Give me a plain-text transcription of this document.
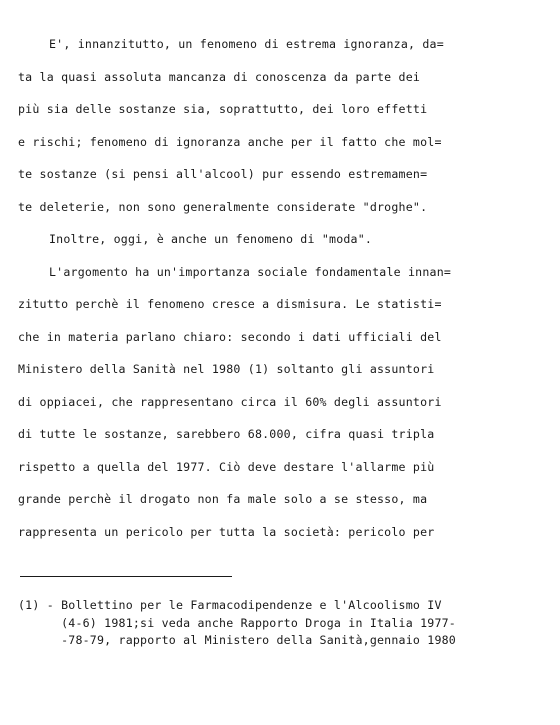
E', innanzitutto, un fenomeno di estrema ignoranza, da=
ta la quasi assoluta mancanza di conoscenza da parte dei
più sia delle sostanze sia, soprattutto, dei loro effetti
e rischi; fenomeno di ignoranza anche per il fatto che mol=
te sostanze (si pensi all'alcool) pur essendo estremamen=
te deleterie, non sono generalmente considerate "droghe".
Inoltre, oggi, è anche un fenomeno di "moda".
L'argomento ha un'importanza sociale fondamentale innan=
zitutto perchè il fenomeno cresce a dismisura. Le statisti=
che in materia parlano chiaro: secondo i dati ufficiali del
Ministero della Sanità nel 1980 (1) soltanto gli assuntori
di oppiacei, che rappresentano circa il 60% degli assuntori
di tutte le sostanze, sarebbero 68.000, cifra quasi tripla
rispetto a quella del 1977. Ciò deve destare l'allarme più
grande perchè il drogato non fa male solo a se stesso, ma
rappresenta un pericolo per tutta la società: pericolo per
(1) - Bollettino per le Farmacodipendenze e l'Alcoolismo IV
(4-6) 1981;si veda anche Rapporto Droga in Italia 1977-
-78-79, rapporto al Ministero della Sanità,gennaio 1980
